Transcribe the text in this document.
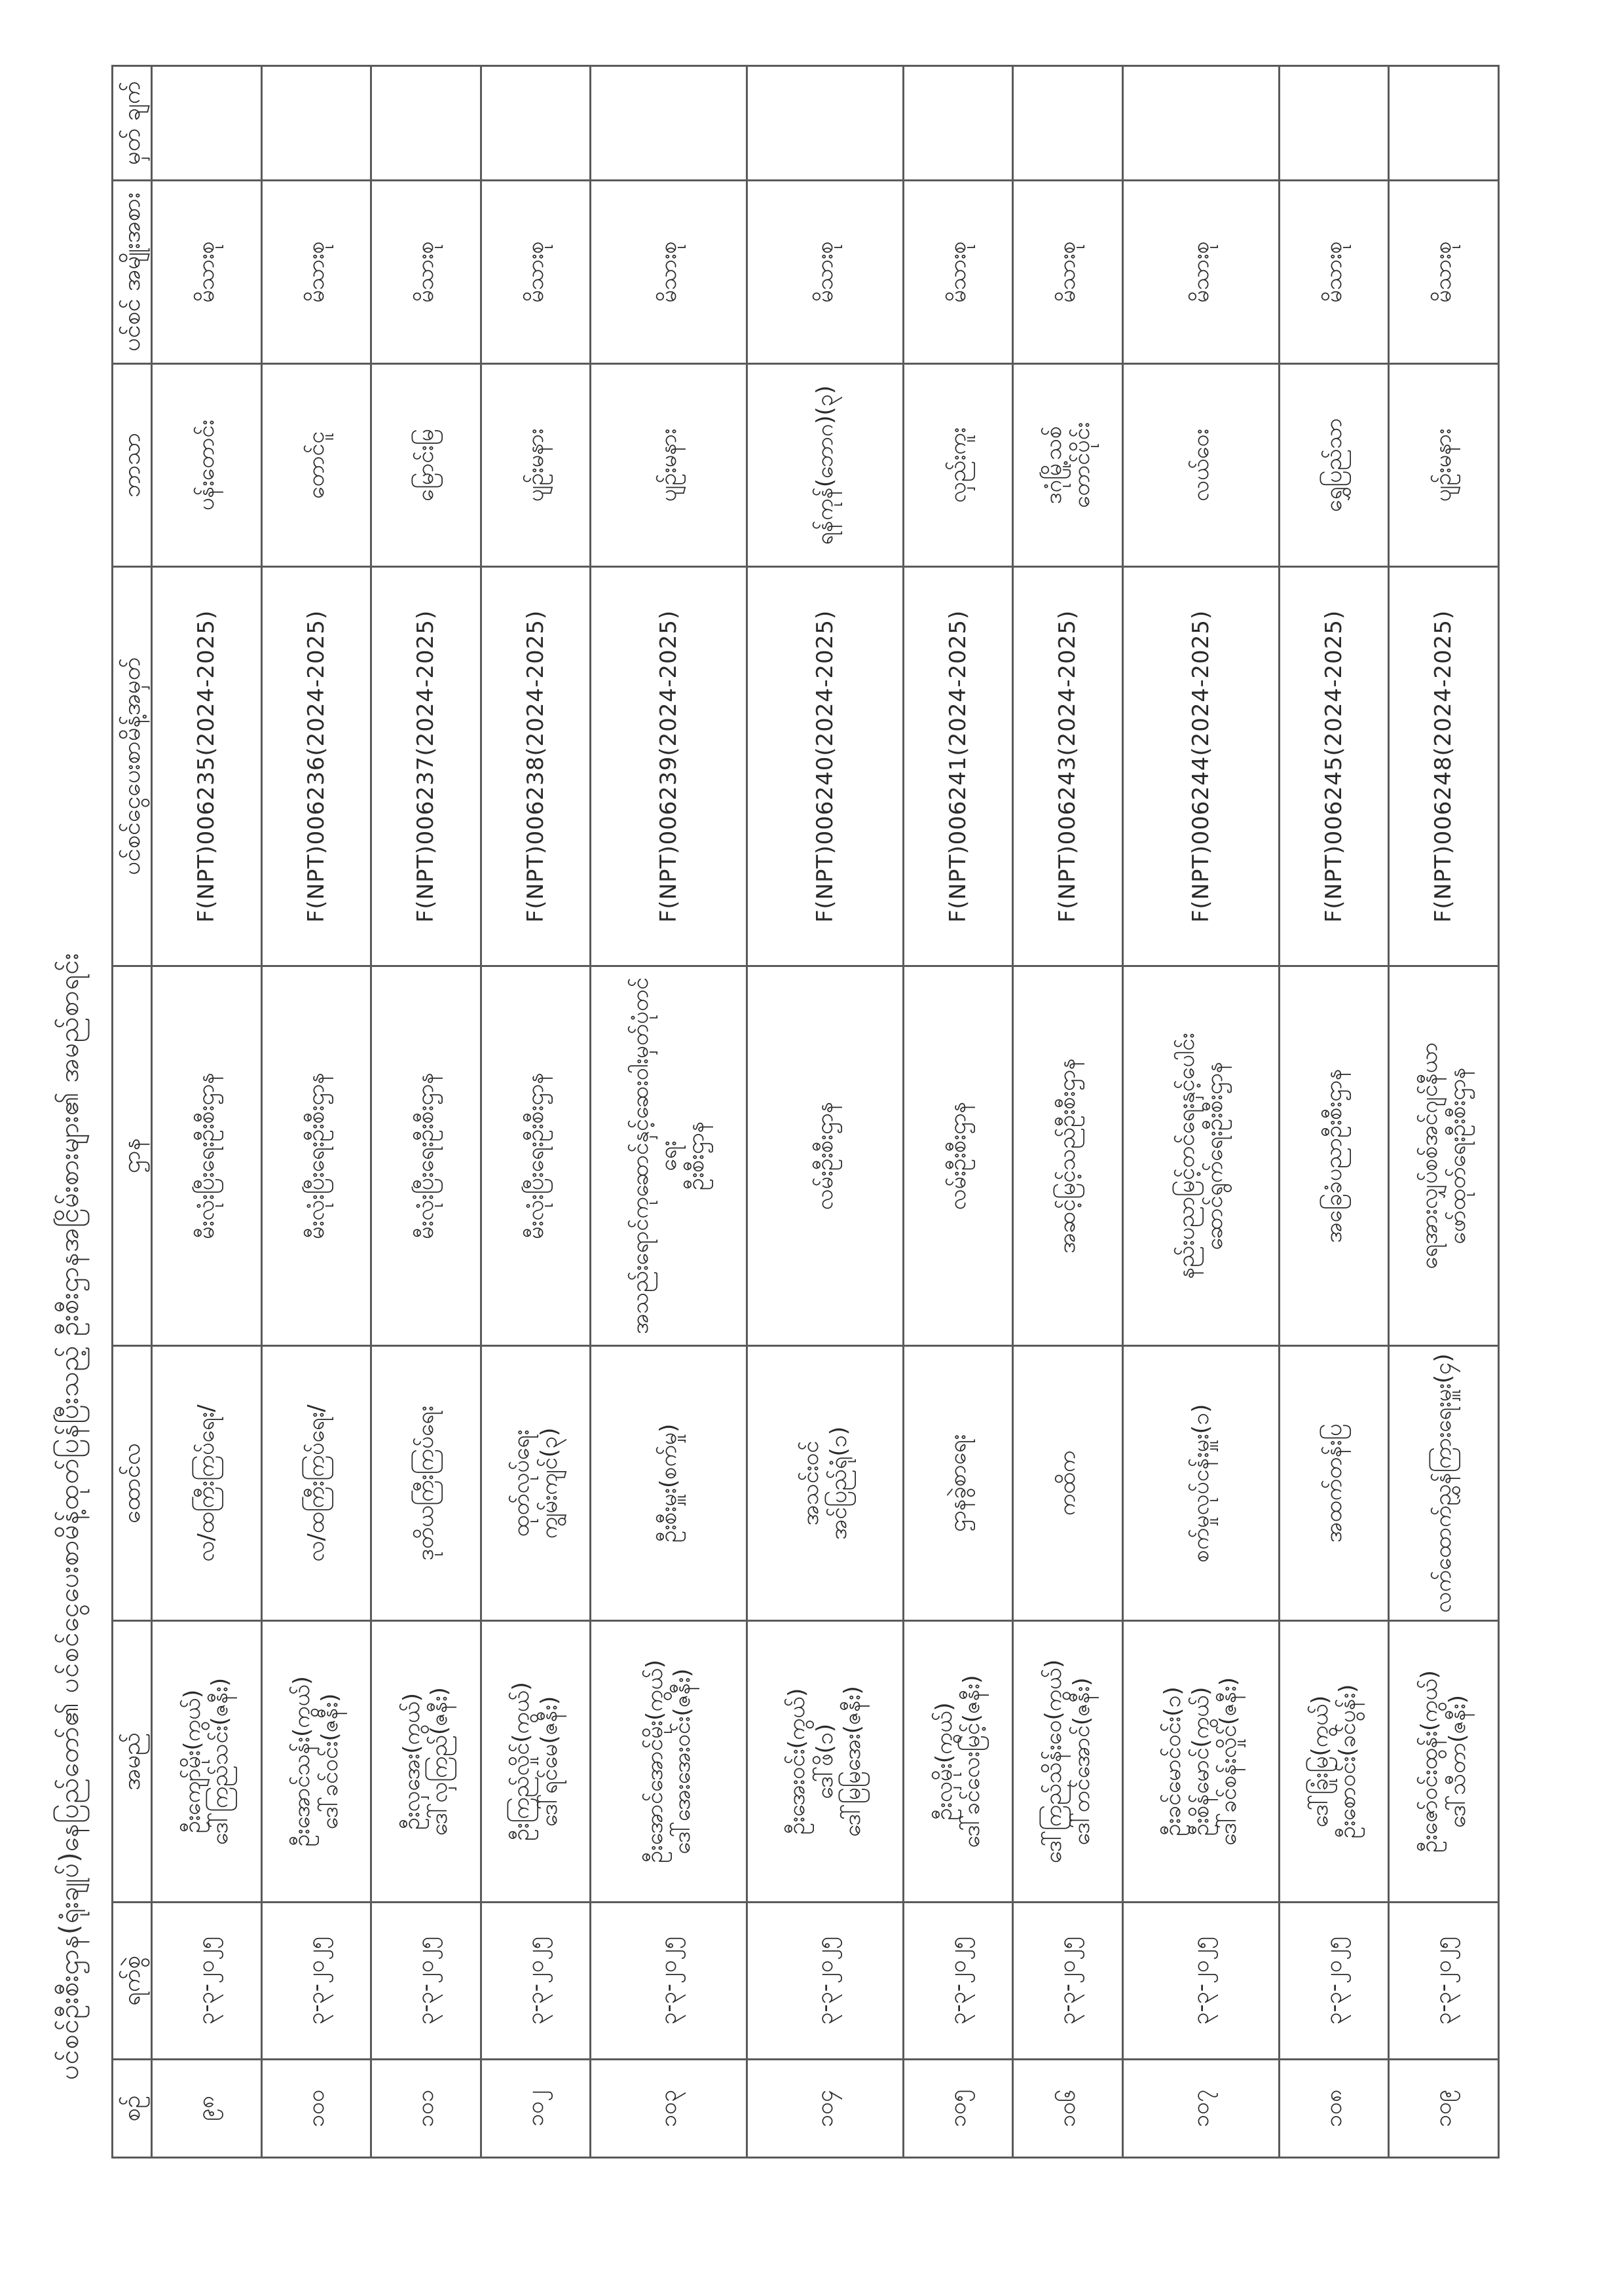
ပင်စင်ဦးစီးဌာန(ရုံးချုပ်)နေပြည်တော်၏ ပင်စင်ငွေပေးစာမိန့်ထုတ်ပြန်ပြီးသည့် ဦးစီးဌာနအငြိမ်းစားများ၏ အမည်စာရင်း
စဉ်	ရက်စွဲ	အမည်	ထောင်လ	ဌာန	ပင်စင်ငွေပေးစာမိန့်အမှတ်	ဘာသာ	ပင်စင် အမျိုးအစား	မှတ် ချက်
၉၈	၃-၃-၂၀၂၅	ဦးကျော်မိုး(ကွယ်) ဒေါ်ကြည်သင်း(ဇနီး)	လ/ထကြီးကြပ်ရေး/	မီးလုံးပြီးရေးဦးစီးဌာန	F(NPT)006235(2024-2025)	ပန်းတောင်း	မိသားစု	
၁၀၀	၃-၃-၂၀၂၅	ဦးအောင်သန်း(ကွယ်) ဒေါ်ခင်ဝင်း(ဇနီး)	လ/ထကြီးကြပ်ရေး/	မီးလုံးပြီးရေးဦးစီးဌာန	F(NPT)006236(2024-2025)	တောင်ငူ	မိသားစု	
၁၀၁	၃-၃-၂၀၂၅	ဦးလှအေး(ကွယ်) ဒေါ်လှကြည်(ဇနီး)	ဒုတိယကြီးကြပ်ရေး	မီးလုံးပြီးရေးဦးစီးဌာန	F(NPT)006237(2024-2025)	မြောင်းမြ	မိသားစု	
၁၀၂	၃-၃-၂၀၂၅	ဦးကြည်လှိုင်(ကွယ်) ဒေါ်ရင်မေ(ဇနီး)	ထုတ်လုပ်ရေး ကျွမ်းကျင်(၃)	မီးလုံးပြီးရေးဦးစီးဌာန	F(NPT)006238(2024-2025)	ပျဉ်းမနား	မိသားစု	
၁၀၃	၃-၃-၂၀၂၅	ဦးအောင်အောင်မိုး(ကွယ်) ဒေါ်အေးအေးဝင်း(ဇနီး)	ဦးစီးမှူး(စက်မှု)	အသည်းရောင်ကုဆောင်နှင့်ဆေးဝါးမှတ်ပုံတင်ရေး ဦးစီးဌာန	F(NPT)006239(2024-2025)	ပျဉ်းမနား	မိသားစု	
၁၀၄	၃-၃-၂၀၂၅	ဦးအေးဝင်း(ကွယ်) ဒေါ်ဖိ(၁) ဒေါ်မြမြအေး(ဇနီး)	အသင်းဝင် အင်ပြည်ရုံ(၁)	လမ်းဦးစီးဌာန	F(NPT)006240(2024-2025)	ရန်ကုန်(ဘောဂ)(၃)	မိသားစု	
၁၀၅	၃-၃-၂၀၂၅	ဦးလှမိုး(ကွယ်) ဒေါ်ခင်လေးမြင့်(ဇနီး)	ဌာနခွဲစာရေး	လမ်းဦးစီးဌာန	F(NPT)006241(2024-2025)	လှည်းကူး	မိသားစု	
၁၀၆	၃-၃-၂၀၂၅	ဒေါ်ကြည်သိန်းဝေ(ကွယ်) ဒေါ်တင်အောင်(ဇနီး)	ကထိက	အဆင့်မြင့်သည်ဦးစီးဌာန	F(NPT)006243(2024-2025)	ဒဂုံမြို့သစ် တောင်ပိုင်း	မိသားစု	
၁၀၇	၃-၃-၂၀၂၅	ဦးခင်မောင်ဝင်း(၁) ဦးစိန်မောင်(ကွယ်) ဒေါ်ခင်စန်းလှိုင်(ဇနီး)	စက်မှုလုပ်ငန်းမှူး(၁)	နည်းပညာမြင့်တင်ရေးနှင့်ပေါင်း ဆောင်ရွက်ရေးဦးစီးဌာန	F(NPT)006244(2024-2025)	လယ်ဝေး	မိသားစု	
၁၀၈	၃-၃-၂၀၂၅	ဒေါ်ခြုံးမြ(ကွယ်) ဦးစောဝင်း(ခင်ပွန်း)	အထက်တန်းပြ	အခြေခံပညာဦးစီးဌာန	F(NPT)006245(2024-2025)	ရွှေပြည်သာ	မိသားစု	
၁၀၉	၃-၃-၂၀၂၅	ဦးဇော်ဝင်းထွန်း(ကွယ်) ဒေါ်သီတာ(ဇနီး)	လက်ထောက်ညွှန်ကြားရေးမှူး(၄)	ရေအားလျှပ်စစ်အင်ဂျင်နီယာ ဖော်ထုတ်ရေးဦးစီးဌာန	F(NPT)006248(2024-2025)	ပျဉ်းမနား	မိသားစု	
